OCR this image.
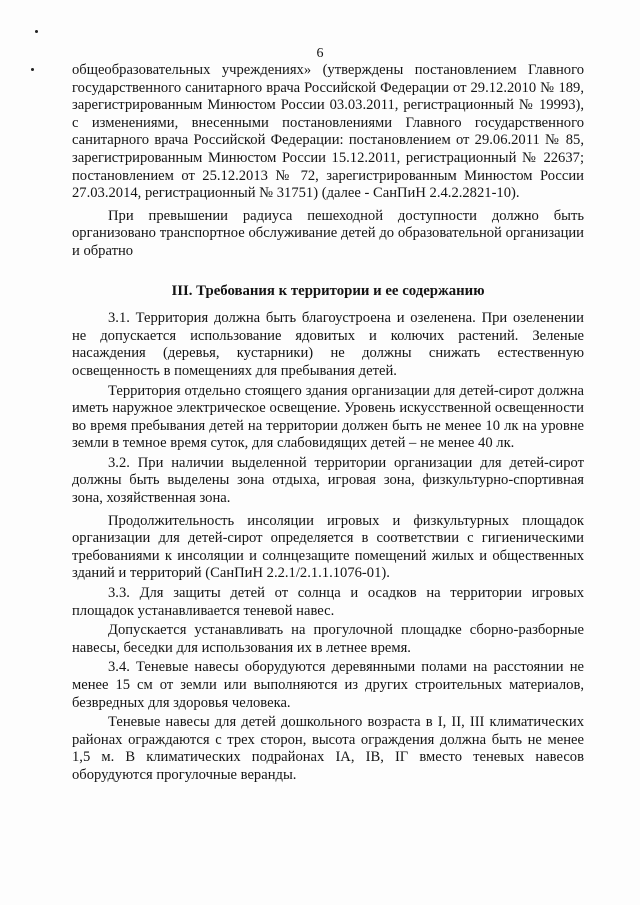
6

общеобразовательных учреждениях» (утверждены постановлением Главного государственного санитарного врача Российской Федерации от 29.12.2010 № 189, зарегистрированным Минюстом России 03.03.2011, регистрационный № 19993), с изменениями, внесенными постановлениями Главного государственного санитарного врача Российской Федерации: постановлением от 29.06.2011 № 85, зарегистрированным Минюстом России 15.12.2011, регистрационный № 22637; постановлением от 25.12.2013 № 72, зарегистрированным Минюстом России 27.03.2014, регистрационный № 31751) (далее - СанПиН 2.4.2.2821-10).

При превышении радиуса пешеходной доступности должно быть организовано транспортное обслуживание детей до образовательной организации и обратно

III. Требования к территории и ее содержанию

3.1. Территория должна быть благоустроена и озеленена. При озеленении не допускается использование ядовитых и колючих растений. Зеленые насаждения (деревья, кустарники) не должны снижать естественную освещенность в помещениях для пребывания детей.

Территория отдельно стоящего здания организации для детей-сирот должна иметь наружное электрическое освещение. Уровень искусственной освещенности во время пребывания детей на территории должен быть не менее 10 лк на уровне земли в темное время суток, для слабовидящих детей – не менее 40 лк.

3.2. При наличии выделенной территории организации для детей-сирот должны быть выделены зона отдыха, игровая зона, физкультурно-спортивная зона, хозяйственная зона.

Продолжительность инсоляции игровых и физкультурных площадок организации для детей-сирот определяется в соответствии с гигиеническими требованиями к инсоляции и солнцезащите помещений жилых и общественных зданий и территорий (СанПиН 2.2.1/2.1.1.1076-01).

3.3. Для защиты детей от солнца и осадков на территории игровых площадок устанавливается теневой навес.

Допускается устанавливать на прогулочной площадке сборно-разборные навесы, беседки для использования их в летнее время.

3.4. Теневые навесы оборудуются деревянными полами на расстоянии не менее 15 см от земли или выполняются из других строительных материалов, безвредных для здоровья человека.

Теневые навесы для детей дошкольного возраста в I, II, III климатических районах ограждаются с трех сторон, высота ограждения должна быть не менее 1,5 м. В климатических подрайонах IА, IВ, IГ вместо теневых навесов оборудуются прогулочные веранды.
